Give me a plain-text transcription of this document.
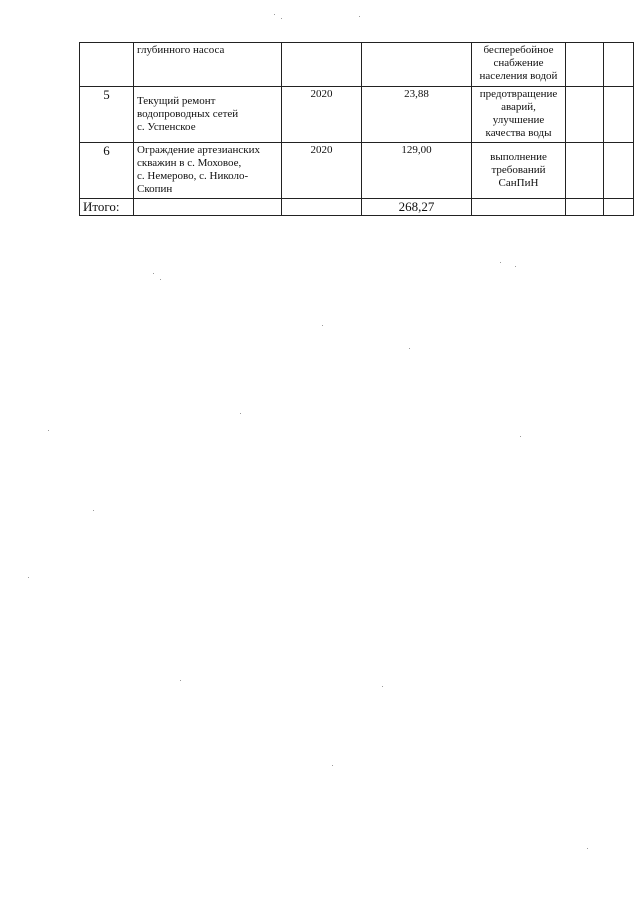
	глубинного насоса			бесперебойное
снабжение
населения водой		

5	Текущий ремонт
водопроводных сетей
с. Успенское	2020	23,88	предотвращение
аварий,
улучшение
качества воды		

6	Ограждение артезианских
скважин в с. Моховое,
с. Немерово, с. Николо-
Скопин	2020	129,00	выполнение
требований
СанПиН		

Итого:			268,27			
